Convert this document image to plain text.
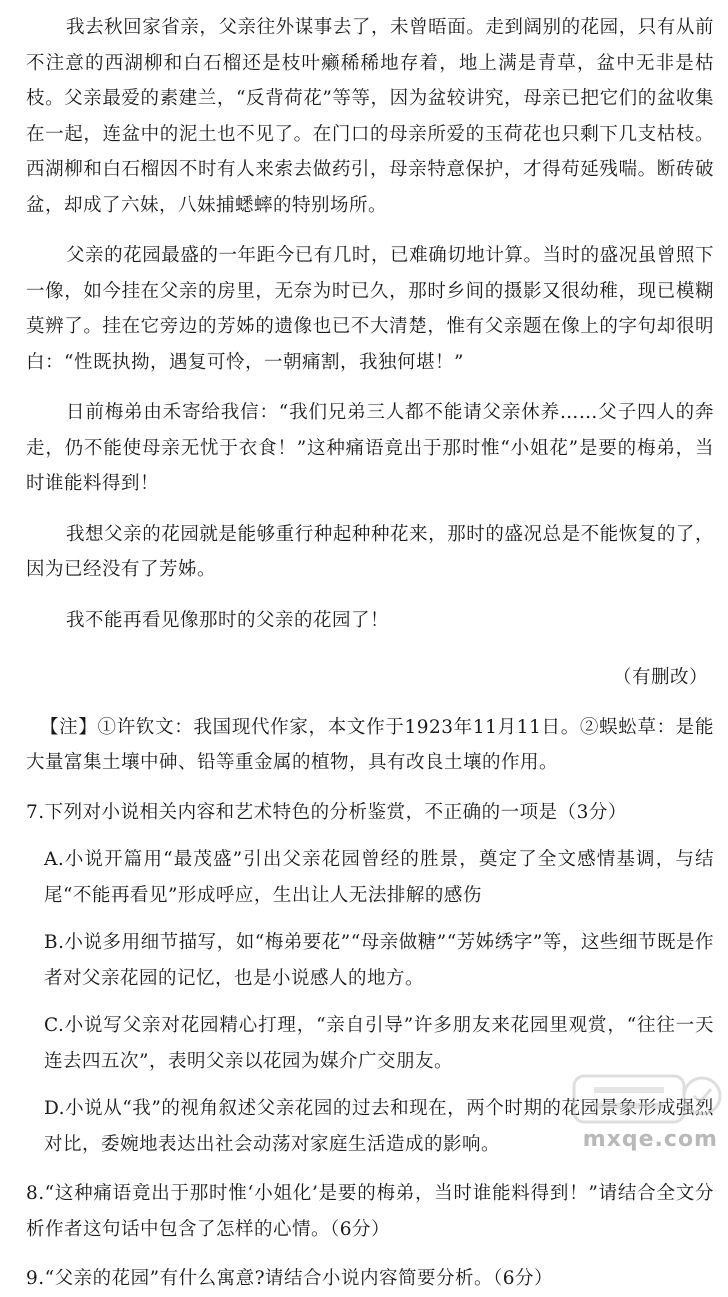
我去秋回家省亲，父亲往外谋事去了，未曾晤面。走到阔别的花园，只有从前不注意的西湖柳和白石榴还是枝叶癞稀稀地存着，地上满是青草，盆中无非是枯枝。父亲最爱的素建兰，“反背荷花”等等，因为盆较讲究，母亲已把它们的盆收集在一起，连盆中的泥土也不见了。在门口的母亲所爱的玉荷花也只剩下几支枯枝。西湖柳和白石榴因不时有人来索去做药引，母亲特意保护，才得苟延残喘。断砖破盆，却成了六妹，八妹捕蟋蟀的特别场所。

父亲的花园最盛的一年距今已有几时，已难确切地计算。当时的盛况虽曾照下一像，如今挂在父亲的房里，无奈为时已久，那时乡间的摄影又很幼稚，现已模糊莫辨了。挂在它旁边的芳姊的遗像也已不大清楚，惟有父亲题在像上的字句却很明白：“性既执拗，遇复可怜，一朝痛割，我独何堪！”

日前梅弟由禾寄给我信：“我们兄弟三人都不能请父亲休养……父子四人的奔走，仍不能使母亲无忧于衣食！”这种痛语竟出于那时惟“小姐花”是要的梅弟，当时谁能料得到！

我想父亲的花园就是能够重行种起种种花来，那时的盛况总是不能恢复的了，因为已经没有了芳姊。

我不能再看见像那时的父亲的花园了！

（有删改）

【注】①许钦文：我国现代作家，本文作于1923年11月11日。②蜈蚣草：是能大量富集土壤中砷、铅等重金属的植物，具有改良土壤的作用。

7.下列对小说相关内容和艺术特色的分析鉴赏，不正确的一项是（3分）

A.小说开篇用“最茂盛”引出父亲花园曾经的胜景，奠定了全文感情基调，与结尾“不能再看见”形成呼应，生出让人无法排解的感伤

B.小说多用细节描写，如“梅弟要花”“母亲做糖”“芳姊绣字”等，这些细节既是作者对父亲花园的记忆，也是小说感人的地方。

C.小说写父亲对花园精心打理，“亲自引导”许多朋友来花园里观赏，“往往一天连去四五次”，表明父亲以花园为媒介广交朋友。

D.小说从“我”的视角叙述父亲花园的过去和现在，两个时期的花园景象形成强烈对比，委婉地表达出社会动荡对家庭生活造成的影响。

8.“这种痛语竟出于那时惟‘小姐化’是要的梅弟，当时谁能料得到！”请结合全文分析作者这句话中包含了怎样的心情。（6分）

9.“父亲的花园”有什么寓意?请结合小说内容简要分析。（6分）

mxqe.com
